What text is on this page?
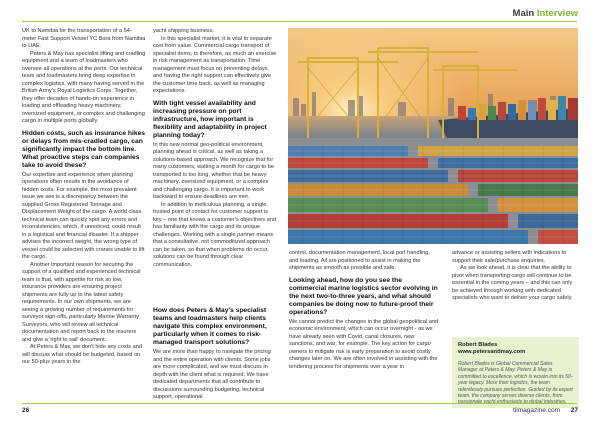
Main Interview

UK to Namibia for the transportation of a 54-meter Fast Support Vessel YC Bora from Namibia to UAE.

Peters & May has specialist lifting and cradling equipment and a team of loadmasters who oversee all operations at the ports. Our technical team and loadmasters bring deep expertise in complex logistics, with many having served in the British Army's Royal Logistics Corps. Together, they offer decades of hands-on experience in loading and offloading heavy machinery, oversized equipment, or complex and challenging cargo in multiple ports globally.

Hidden costs, such as insurance hikes or delays from mis-cradled cargo, can significantly impact the bottom line. What proactive steps can companies take to avoid these?

Our expertise and experience when planning operations often results in the avoidance of hidden costs. For example, the most prevalent issue we see is a discrepancy between the supplied Gross Registered Tonnage and Displacement Weight of the cargo. A world class technical team can quickly spot any errors and inconsistencies, which, if unnoticed, could result in a logistical and financial disaster. If a shipper advises the incorrect weight, the wrong type of vessel could be selected with cranes unable to lift the cargo.

Another important reason for securing the support of a qualified and experienced technical team is that, with appetite for risk so low, insurance providers are ensuring project shipments are fully up to the latest safety requirements. In our own shipments, we are seeing a growing number of requirements for surveyor sign-offs, particularly Marine Warranty Surveyors, who will review all technical documentation and report back to the insurers and give a 'right to sail' document.

At Peters & May, we don't hide any costs and will discuss what should be budgeted, based on our 50-plus years in the

yacht shipping business.

In this specialist market, it is vital to separate cost from value. Commercial cargo transport of specialist items, is therefore, as much an exercise in risk management as transportation. Time management must focus on preventing delays, and having the right support can effectively give the customer time back, as well as managing expectations.

With tight vessel availability and increasing pressure on port infrastructure, how important is flexibility and adaptability in project planning today?

In this new normal geo-political environment, planning ahead is critical, as well as taking a solutions-based approach. We recognize that for many customers, waiting a month for cargo to be transported is too long, whether that be heavy machinery, oversized equipment, or a complex and challenging cargo. It is important to work backward to ensure deadlines are met.

In addition to meticulous planning, a single, trusted point of contact for customer support is key – one that knows a customer's objectives and has familiarity with the cargo and its unique challenges. Working with a single partner means that a consultative, not commoditized approach can be taken, so that when problems do occur, solutions can be found through clear communication.

How does Peters & May's specialist teams and loadmasters help clients navigate this complex environment, particularly when it comes to risk-managed transport solutions?

We are more than happy to navigate the pricing and the entire operation with clients. Some jobs are more complicated, and we must discuss in depth with the client what is required. We have dedicated departments that all contribute to discussions surrounding budgeting, technical support, operational

control, documentation management, local port handling, and loading. All are positioned to assist in making the shipments as smooth as possible and safe.

Looking ahead, how do you see the commercial marine logistics sector evolving in the next two-to-three years, and what should companies be doing now to future-proof their operations?

We cannot predict the changes in the global geopolitical and economic environment, which can occur overnight - as we have already seen with Covid, canal closures, new sanctions, and war, for example. The key action for cargo owners to mitigate risk is early preparation to avoid costly changes later on. We are often involved in assisting with the tendering process for shipments over a year in

advance or assisting sellers with indications to support their sale/purchase enquiries.

As we look ahead, it is clear that the ability to pivot when transporting cargo will continue to be essential in the coming years – and this can only be achieved through working with dedicated specialists who want to deliver your cargo safely.

Robert Blades
www.petersandmay.com
Robert Blades is Global Commercial Sales Manager at Peters & May. Peters & May is committed to excellence, which is woven into its 50-year legacy. More than logistics, the team relentlessly pursues perfection. Guided by its expert team, the company serves diverse clients, from
26	tilmagazine.com 27
